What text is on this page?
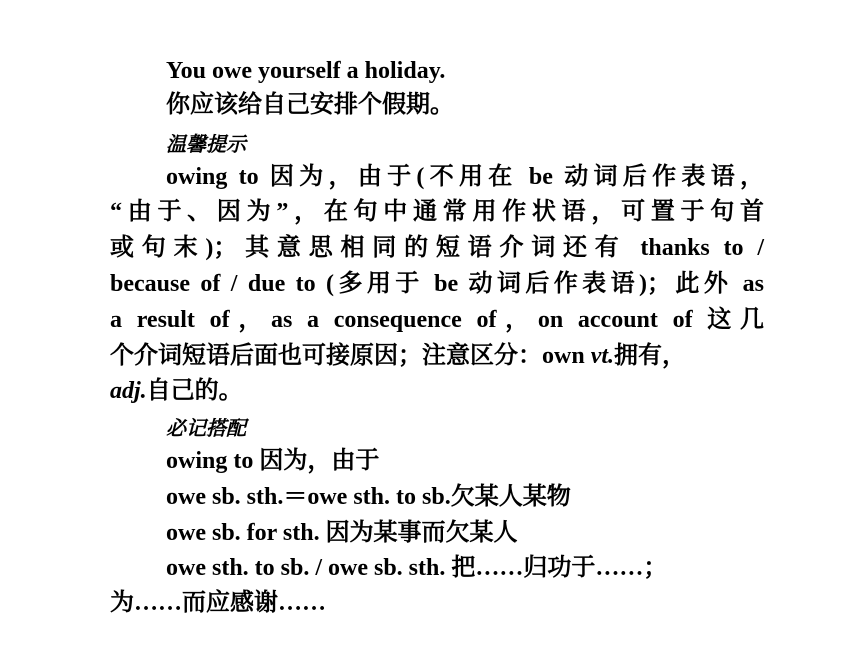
You owe yourself a holiday.
你应该给自己安排个假期。
温馨提示
owing to 因为，由于(不用在 be 动词后作表语，
“由于、因为”，在句中通常用作状语，可置于句首
或句末)；其意思相同的短语介词还有 thanks to /
because of / due to (多用于 be 动词后作表语)；此外 as
a result of，as a consequence of，on account of 这几
个介词短语后面也可接原因；注意区分：own vt.拥有，
adj.自己的。
必记搭配
owing to 因为，由于
owe sb. sth.＝owe sth. to sb.欠某人某物
owe sb. for sth. 因为某事而欠某人
owe sth. to sb. / owe sb. sth. 把……归功于……；
为……而应感谢……
